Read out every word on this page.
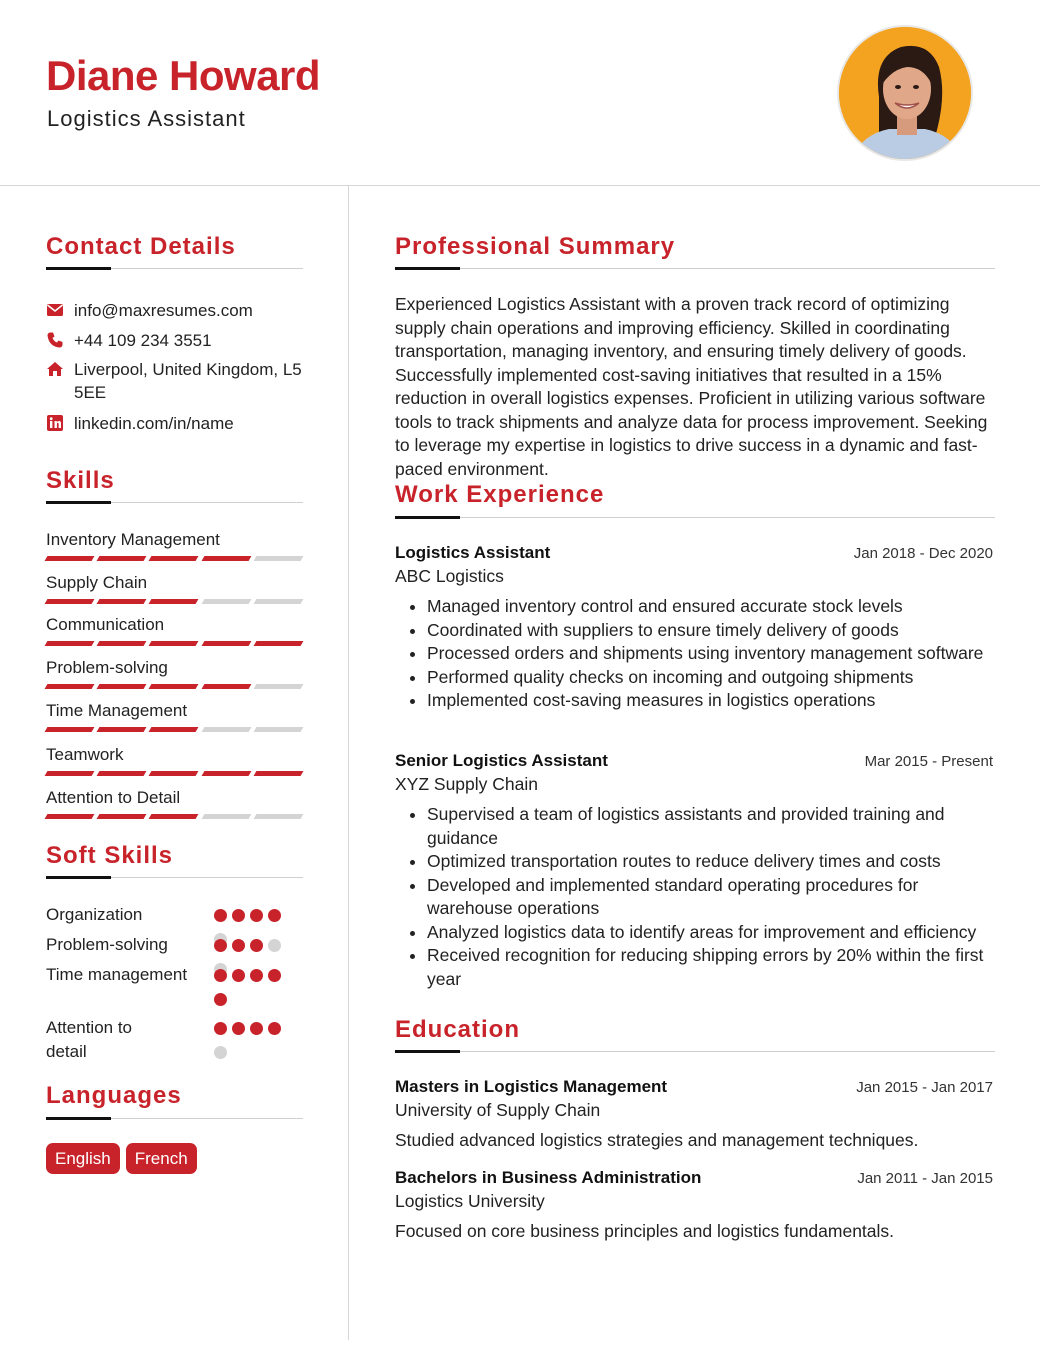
Diane Howard
Logistics Assistant
Contact Details
info@maxresumes.com
+44 109 234 3551
Liverpool, United Kingdom, L5 5EE
linkedin.com/in/name
Skills
Inventory Management
Supply Chain
Communication
Problem-solving
Time Management
Teamwork
Attention to Detail
Soft Skills
Organization
Problem-solving
Time management
Attention to detail
Languages
English	French
Professional Summary
Experienced Logistics Assistant with a proven track record of optimizing supply chain operations and improving efficiency. Skilled in coordinating transportation, managing inventory, and ensuring timely delivery of goods. Successfully implemented cost-saving initiatives that resulted in a 15% reduction in overall logistics expenses. Proficient in utilizing various software tools to track shipments and analyze data for process improvement. Seeking to leverage my expertise in logistics to drive success in a dynamic and fast-paced environment.
Work Experience
Logistics Assistant	Jan 2018 - Dec 2020
ABC Logistics
• Managed inventory control and ensured accurate stock levels
• Coordinated with suppliers to ensure timely delivery of goods
• Processed orders and shipments using inventory management software
• Performed quality checks on incoming and outgoing shipments
• Implemented cost-saving measures in logistics operations
Senior Logistics Assistant	Mar 2015 - Present
XYZ Supply Chain
• Supervised a team of logistics assistants and provided training and guidance
• Optimized transportation routes to reduce delivery times and costs
• Developed and implemented standard operating procedures for warehouse operations
• Analyzed logistics data to identify areas for improvement and efficiency
• Received recognition for reducing shipping errors by 20% within the first year
Education
Masters in Logistics Management	Jan 2015 - Jan 2017
University of Supply Chain
Studied advanced logistics strategies and management techniques.
Bachelors in Business Administration	Jan 2011 - Jan 2015
Logistics University
Focused on core business principles and logistics fundamentals.
